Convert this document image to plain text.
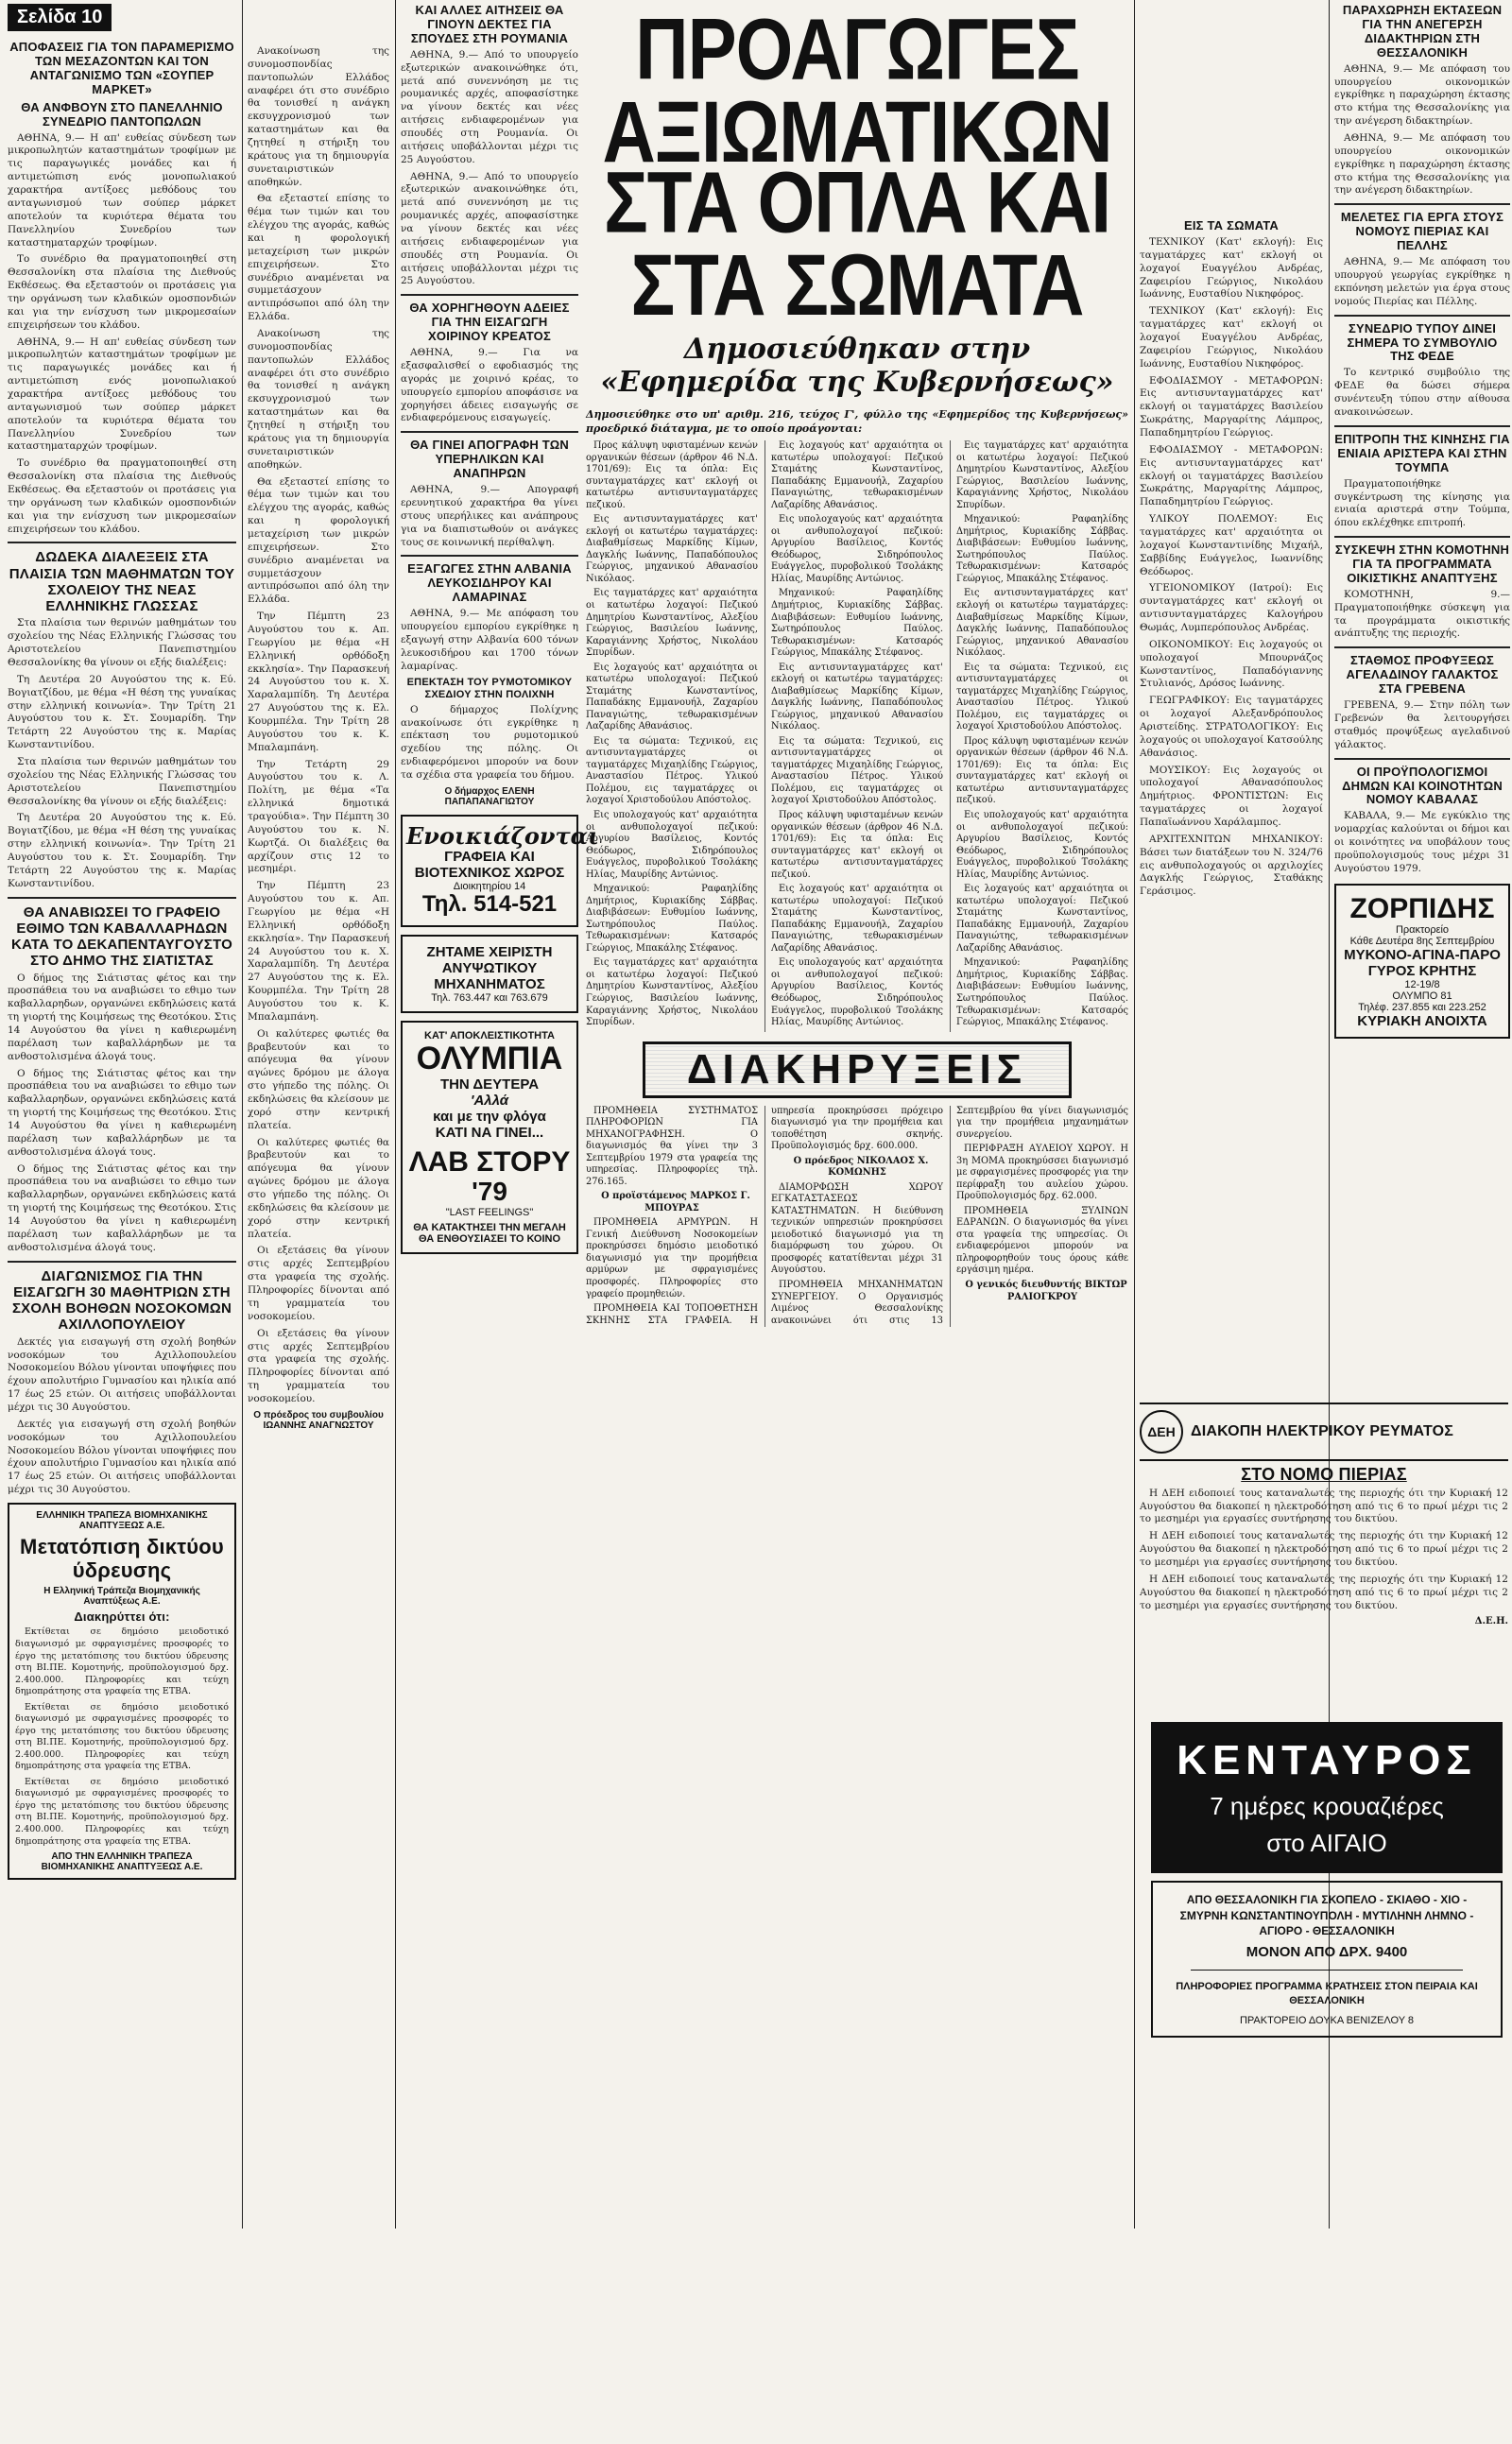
Σελίδα 10
ΑΠΟΦΑΣΕΙΣ ΓΙΑ ΤΟΝ ΠΑΡΑΜΕΡΙΣΜΟ ΤΩΝ ΜΕΣΑΖΟΝΤΩΝ ΚΑΙ ΤΟΝ ΑΝΤΑΓΩΝΙΣΜΟ ΤΩΝ «ΣΟΥΠΕΡ ΜΑΡΚΕΤ»
ΘΑ ΑΝΦΒΟΥΝ ΣΤΟ ΠΑΝΕΛΛΗΝΙΟ ΣΥΝΕΔΡΙΟ ΠΑΝΤΟΠΩΛΩΝ

ΑΘΗΝΑ, 9.— Η απ' ευθείας σύνδεση των μικροπωλητών καταστημάτων τροφίμων με τις παραγωγικές μονάδες και ή αντιμετώπιση ενός μονοπωλιακού χαρακτήρα αντίξοες μεθόδους του ανταγωνισμού των σούπερ μάρκετ αποτελούν τα κυριότερα θέματα του Πανελληνίου Συνεδρίου των καταστηματαρχών τροφίμων.

Το συνέδριο θα πραγματοποιηθεί στη Θεσσαλονίκη στα πλαίσια της Διεθνούς Εκθέσεως. Θα εξεταστούν οι προτάσεις για την οργάνωση των κλαδικών ομοσπονδιών και για την ενίσχυση των μικρομεσαίων επιχειρήσεων του κλάδου.

ΑΘΗΝΑ, 9.— Η απ' ευθείας σύνδεση των μικροπωλητών καταστημάτων τροφίμων με τις παραγωγικές μονάδες και ή αντιμετώπιση ενός μονοπωλιακού χαρακτήρα αντίξοες μεθόδους του ανταγωνισμού των σούπερ μάρκετ αποτελούν τα κυριότερα θέματα του Πανελληνίου Συνεδρίου των καταστηματαρχών τροφίμων.

Το συνέδριο θα πραγματοποιηθεί στη Θεσσαλονίκη στα πλαίσια της Διεθνούς Εκθέσεως. Θα εξεταστούν οι προτάσεις για την οργάνωση των κλαδικών ομοσπονδιών και για την ενίσχυση των μικρομεσαίων επιχειρήσεων του κλάδου.

ΔΩΔΕΚΑ ΔΙΑΛΕΞΕΙΣ ΣΤΑ ΠΛΑΙΣΙΑ ΤΩΝ ΜΑΘΗΜΑΤΩΝ ΤΟΥ ΣΧΟΛΕΙΟΥ ΤΗΣ ΝΕΑΣ ΕΛΛΗΝΙΚΗΣ ΓΛΩΣΣΑΣ

Στα πλαίσια των θερινών μαθημάτων του σχολείου της Νέας Ελληνικής Γλώσσας του Αριστοτελείου Πανεπιστημίου Θεσσαλονίκης θα γίνουν οι εξής διαλέξεις:

Τη Δευτέρα 20 Αυγούστου της κ. Εύ. Βογιατζίδου, με θέμα «Η θέση της γυναίκας στην ελληνική κοινωνία». Την Τρίτη 21 Αυγούστου του κ. Στ. Σουμαρίδη. Την Τετάρτη 22 Αυγούστου της κ. Μαρίας Κωνσταντινίδου.

Στα πλαίσια των θερινών μαθημάτων του σχολείου της Νέας Ελληνικής Γλώσσας του Αριστοτελείου Πανεπιστημίου Θεσσαλονίκης θα γίνουν οι εξής διαλέξεις:

Τη Δευτέρα 20 Αυγούστου της κ. Εύ. Βογιατζίδου, με θέμα «Η θέση της γυναίκας στην ελληνική κοινωνία». Την Τρίτη 21 Αυγούστου του κ. Στ. Σουμαρίδη. Την Τετάρτη 22 Αυγούστου της κ. Μαρίας Κωνσταντινίδου.

ΘΑ ΑΝΑΒΙΩΣΕΙ ΤΟ ΓΡΑΦΕΙΟ ΕΘΙΜΟ ΤΩΝ ΚΑΒΑΛΛΑΡΗΔΩΝ ΚΑΤΑ ΤΟ ΔΕΚΑΠΕΝΤΑΥΓΟΥΣΤΟ ΣΤΟ ΔΗΜΟ ΤΗΣ ΣΙΑΤΙΣΤΑΣ

Ο δήμος της Σιάτιστας φέτος και την προσπάθεια του να αναβιώσει το εθιμο των καβαλλαρηδων, οργανώνει εκδηλώσεις κατά τη γιορτή της Κοιμήσεως της Θεοτόκου. Στις 14 Αυγούστου θα γίνει η καθιερωμένη παρέλαση των καβαλλάρηδων με τα ανθοστολισμένα άλογά τους.

Ο δήμος της Σιάτιστας φέτος και την προσπάθεια του να αναβιώσει το εθιμο των καβαλλαρηδων, οργανώνει εκδηλώσεις κατά τη γιορτή της Κοιμήσεως της Θεοτόκου. Στις 14 Αυγούστου θα γίνει η καθιερωμένη παρέλαση των καβαλλάρηδων με τα ανθοστολισμένα άλογά τους.

Ο δήμος της Σιάτιστας φέτος και την προσπάθεια του να αναβιώσει το εθιμο των καβαλλαρηδων, οργανώνει εκδηλώσεις κατά τη γιορτή της Κοιμήσεως της Θεοτόκου. Στις 14 Αυγούστου θα γίνει η καθιερωμένη παρέλαση των καβαλλάρηδων με τα ανθοστολισμένα άλογά τους.

ΔΙΑΓΩΝΙΣΜΟΣ ΓΙΑ ΤΗΝ ΕΙΣΑΓΩΓΗ 30 ΜΑΘΗΤΡΙΩΝ ΣΤΗ ΣΧΟΛΗ ΒΟΗΘΩΝ ΝΟΣΟΚΟΜΩΝ ΑΧΙΛΛΟΠΟΥΛΕΙΟΥ

Δεκτές για εισαγωγή στη σχολή βοηθών νοσοκόμων του Αχιλλοπουλείου Νοσοκομείου Βόλου γίνονται υποψήφιες που έχουν απολυτήριο Γυμνασίου και ηλικία από 17 έως 25 ετών. Οι αιτήσεις υποβάλλονται μέχρι τις 30 Αυγούστου.

Δεκτές για εισαγωγή στη σχολή βοηθών νοσοκόμων του Αχιλλοπουλείου Νοσοκομείου Βόλου γίνονται υποψήφιες που έχουν απολυτήριο Γυμνασίου και ηλικία από 17 έως 25 ετών. Οι αιτήσεις υποβάλλονται μέχρι τις 30 Αυγούστου.

ΕΛΛΗΝΙΚΗ ΤΡΑΠΕΖΑ ΒΙΟΜΗΧΑΝΙΚΗΣ ΑΝΑΠΤΥΞΕΩΣ Α.Ε.
Μετατόπιση δικτύου ύδρευσης
Η Ελληνική Τράπεζα Βιομηχανικής Αναπτύξεως Α.Ε.
Διακηρύττει ότι:

Εκτίθεται σε δημόσιο μειοδοτικό διαγωνισμό με σφραγισμένες προσφορές το έργο της μετατόπισης του δικτύου ύδρευσης στη ΒΙ.ΠΕ. Κομοτηνής, προϋπολογισμού δρχ. 2.400.000. Πληροφορίες και τεύχη δημοπράτησης στα γραφεία της ΕΤΒΑ.

Εκτίθεται σε δημόσιο μειοδοτικό διαγωνισμό με σφραγισμένες προσφορές το έργο της μετατόπισης του δικτύου ύδρευσης στη ΒΙ.ΠΕ. Κομοτηνής, προϋπολογισμού δρχ. 2.400.000. Πληροφορίες και τεύχη δημοπράτησης στα γραφεία της ΕΤΒΑ.

Εκτίθεται σε δημόσιο μειοδοτικό διαγωνισμό με σφραγισμένες προσφορές το έργο της μετατόπισης του δικτύου ύδρευσης στη ΒΙ.ΠΕ. Κομοτηνής, προϋπολογισμού δρχ. 2.400.000. Πληροφορίες και τεύχη δημοπράτησης στα γραφεία της ΕΤΒΑ.

ΑΠΟ ΤΗΝ ΕΛΛΗΝΙΚΗ ΤΡΑΠΕΖΑ ΒΙΟΜΗΧΑΝΙΚΗΣ ΑΝΑΠΤΥΞΕΩΣ Α.Ε.

Ανακοίνωση της συνομοσπονδίας παντοπωλών Ελλάδος αναφέρει ότι στο συνέδριο θα τονισθεί η ανάγκη εκσυγχρονισμού των καταστημάτων και θα ζητηθεί η στήριξη του κράτους για τη δημιουργία συνεταιριστικών αποθηκών.

Θα εξεταστεί επίσης το θέμα των τιμών και του ελέγχου της αγοράς, καθώς και η φορολογική μεταχείριση των μικρών επιχειρήσεων. Στο συνέδριο αναμένεται να συμμετάσχουν αντιπρόσωποι από όλη την Ελλάδα.

Ανακοίνωση της συνομοσπονδίας παντοπωλών Ελλάδος αναφέρει ότι στο συνέδριο θα τονισθεί η ανάγκη εκσυγχρονισμού των καταστημάτων και θα ζητηθεί η στήριξη του κράτους για τη δημιουργία συνεταιριστικών αποθηκών.

Θα εξεταστεί επίσης το θέμα των τιμών και του ελέγχου της αγοράς, καθώς και η φορολογική μεταχείριση των μικρών επιχειρήσεων. Στο συνέδριο αναμένεται να συμμετάσχουν αντιπρόσωποι από όλη την Ελλάδα.

Την Πέμπτη 23 Αυγούστου του κ. Απ. Γεωργίου με θέμα «Η Ελληνική ορθόδοξη εκκλησία». Την Παρασκευή 24 Αυγούστου του κ. Χ. Χαραλαμπίδη. Τη Δευτέρα 27 Αυγούστου της κ. Ελ. Κουρμπέλα. Την Τρίτη 28 Αυγούστου του κ. Κ. Μπαλαμπάνη.

Την Τετάρτη 29 Αυγούστου του κ. Λ. Πολίτη, με θέμα «Τα ελληνικά δημοτικά τραγούδια». Την Πέμπτη 30 Αυγούστου του κ. Ν. Κωρτζά. Οι διαλέξεις θα αρχίζουν στις 12 το μεσημέρι.

Την Πέμπτη 23 Αυγούστου του κ. Απ. Γεωργίου με θέμα «Η Ελληνική ορθόδοξη εκκλησία». Την Παρασκευή 24 Αυγούστου του κ. Χ. Χαραλαμπίδη. Τη Δευτέρα 27 Αυγούστου της κ. Ελ. Κουρμπέλα. Την Τρίτη 28 Αυγούστου του κ. Κ. Μπαλαμπάνη.

Οι καλύτερες φωτιές θα βραβευτούν και το απόγευμα θα γίνουν αγώνες δρόμου με άλογα στο γήπεδο της πόλης. Οι εκδηλώσεις θα κλείσουν με χορό στην κεντρική πλατεία.

Οι καλύτερες φωτιές θα βραβευτούν και το απόγευμα θα γίνουν αγώνες δρόμου με άλογα στο γήπεδο της πόλης. Οι εκδηλώσεις θα κλείσουν με χορό στην κεντρική πλατεία.

Οι εξετάσεις θα γίνουν στις αρχές Σεπτεμβρίου στα γραφεία της σχολής. Πληροφορίες δίνονται από τη γραμματεία του νοσοκομείου.

Οι εξετάσεις θα γίνουν στις αρχές Σεπτεμβρίου στα γραφεία της σχολής. Πληροφορίες δίνονται από τη γραμματεία του νοσοκομείου.

Ο πρόεδρος του συμβουλίου ΙΩΑΝΝΗΣ ΑΝΑΓΝΩΣΤΟΥ
ΚΑΙ ΑΛΛΕΣ ΑΙΤΗΣΕΙΣ ΘΑ ΓΙΝΟΥΝ ΔΕΚΤΕΣ ΓΙΑ ΣΠΟΥΔΕΣ ΣΤΗ ΡΟΥΜΑΝΙΑ

ΑΘΗΝΑ, 9.— Από το υπουργείο εξωτερικών ανακοινώθηκε ότι, μετά από συνεννόηση με τις ρουμανικές αρχές, αποφασίστηκε να γίνουν δεκτές και νέες αιτήσεις ενδιαφερομένων για σπουδές στη Ρουμανία. Οι αιτήσεις υποβάλλονται μέχρι τις 25 Αυγούστου.

ΑΘΗΝΑ, 9.— Από το υπουργείο εξωτερικών ανακοινώθηκε ότι, μετά από συνεννόηση με τις ρουμανικές αρχές, αποφασίστηκε να γίνουν δεκτές και νέες αιτήσεις ενδιαφερομένων για σπουδές στη Ρουμανία. Οι αιτήσεις υποβάλλονται μέχρι τις 25 Αυγούστου.

ΘΑ ΧΟΡΗΓΗΘΟΥΝ ΑΔΕΙΕΣ ΓΙΑ ΤΗΝ ΕΙΣΑΓΩΓΗ ΧΟΙΡΙΝΟΥ ΚΡΕΑΤΟΣ

ΑΘΗΝΑ, 9.— Για να εξασφαλισθεί ο εφοδιασμός της αγοράς με χοιρινό κρέας, το υπουργείο εμπορίου αποφάσισε να χορηγήσει άδειες εισαγωγής σε ενδιαφερόμενους εισαγωγείς.

ΘΑ ΓΙΝΕΙ ΑΠΟΓΡΑΦΗ ΤΩΝ ΥΠΕΡΗΛΙΚΩΝ ΚΑΙ ΑΝΑΠΗΡΩΝ

ΑΘΗΝΑ, 9.— Απογραφή ερευνητικού χαρακτήρα θα γίνει στους υπερήλικες και ανάπηρους για να διαπιστωθούν οι ανάγκες τους σε κοινωνική περίθαλψη.

ΕΞΑΓΩΓΕΣ ΣΤΗΝ ΑΛΒΑΝΙΑ ΛΕΥΚΟΣΙΔΗΡΟΥ ΚΑΙ ΛΑΜΑΡΙΝΑΣ

ΑΘΗΝΑ, 9.— Με απόφαση του υπουργείου εμπορίου εγκρίθηκε η εξαγωγή στην Αλβανία 600 τόνων λευκοσιδήρου και 1700 τόνων λαμαρίνας.

ΕΠΕΚΤΑΣΗ ΤΟΥ ΡΥΜΟΤΟΜΙΚΟΥ ΣΧΕΔΙΟΥ ΣΤΗΝ ΠΟΛΙΧΝΗ

Ο δήμαρχος Πολίχνης ανακοίνωσε ότι εγκρίθηκε η επέκταση του ρυμοτομικού σχεδίου της πόλης. Οι ενδιαφερόμενοι μπορούν να δουν τα σχέδια στα γραφεία του δήμου.

Ο δήμαρχος ΕΛΕΝΗ ΠΑΠΑΠΑΝΑΓΙΩΤΟΥ
Ενοικιάζονται
ΓΡΑΦΕΙΑ ΚΑΙ ΒΙΟΤΕΧΝΙΚΟΣ ΧΩΡΟΣ
Διοικητηρίου 14
Τηλ. 514-521
ΖΗΤΑΜΕ ΧΕΙΡΙΣΤΗ ΑΝΥΨΩΤΙΚΟΥ ΜΗΧΑΝΗΜΑΤΟΣ
Τηλ. 763.447 και 763.679
ΚΑΤ' ΑΠΟΚΛΕΙΣΤΙΚΟΤΗΤΑ
ΟΛΥΜΠΙΑ
ΤΗΝ ΔΕΥΤΕΡΑ
'Αλλά
και με την φλόγα
ΚΑΤΙ ΝΑ ΓΙΝΕΙ...
ΛΑΒ ΣΤΟΡΥ
'79
"LAST FEELINGS"
ΘΑ ΚΑΤΑΚΤΗΣΕΙ ΤΗΝ ΜΕΓΑΛΗ ΘΑ ΕΝΘΟΥΣΙΑΣΕΙ ΤΟ ΚΟΙΝΟ
ΠΡΟΑΓΩΓΕΣ ΑΞΙΩΜΑΤΙΚΩΝ
ΣΤΑ ΟΠΛΑ ΚΑΙ ΣΤΑ ΣΩΜΑΤΑ
Δημοσιεύθηκαν στην «Εφημερίδα της Κυβερνήσεως»

Δημοσιεύθηκε στο υπ' αριθμ. 216, τεύχος Γ', φύλλο της «Εφημερίδος της Κυβερνήσεως» προεδρικό διάταγμα, με το οποίο προάγονται:

Προς κάλυψη υφισταμένων κενών οργανικών θέσεων (άρθρον 46 Ν.Δ. 1701/69): Εις τα όπλα: Εις συνταγματάρχες κατ' εκλογή οι κατωτέρω αντισυνταγματάρχες πεζικού.

Εις αντισυνταγματάρχες κατ' εκλογή οι κατωτέρω ταγματάρχες: Διαβαθμίσεως Μαρκίδης Κίμων, Δαγκλής Ιωάννης, Παπαδόπουλος Γεώργιος, μηχανικού Αθανασίου Νικόλαος.

Εις ταγματάρχες κατ' αρχαιότητα οι κατωτέρω λοχαγοί: Πεζικού Δημητρίου Κωνσταντίνος, Αλεξίου Γεώργιος, Βασιλείου Ιωάννης, Καραγιάννης Χρήστος, Νικολάου Σπυρίδων.

Εις λοχαγούς κατ' αρχαιότητα οι κατωτέρω υπολοχαγοί: Πεζικού Σταμάτης Κωνσταντίνος, Παπαδάκης Εμμανουήλ, Ζαχαρίου Παναγιώτης, τεθωρακισμένων Λαζαρίδης Αθανάσιος.

Εις τα σώματα: Τεχνικού, εις αντισυνταγματάρχες οι ταγματάρχες Μιχαηλίδης Γεώργιος, Αναστασίου Πέτρος. Υλικού Πολέμου, εις ταγματάρχες οι λοχαγοί Χριστοδούλου Απόστολος.

Εις υπολοχαγούς κατ' αρχαιότητα οι ανθυπολοχαγοί πεζικού: Αργυρίου Βασίλειος, Κοντός Θεόδωρος, Σιδηρόπουλος Ευάγγελος, πυροβολικού Τσολάκης Ηλίας, Μαυρίδης Αντώνιος.

Μηχανικού: Ραφαηλίδης Δημήτριος, Κυριακίδης Σάββας. Διαβιβάσεων: Ευθυμίου Ιωάννης, Σωτηρόπουλος Παύλος. Τεθωρακισμένων: Κατσαρός Γεώργιος, Μπακάλης Στέφανος.

Εις ταγματάρχες κατ' αρχαιότητα οι κατωτέρω λοχαγοί: Πεζικού Δημητρίου Κωνσταντίνος, Αλεξίου Γεώργιος, Βασιλείου Ιωάννης, Καραγιάννης Χρήστος, Νικολάου Σπυρίδων.

Εις λοχαγούς κατ' αρχαιότητα οι κατωτέρω υπολοχαγοί: Πεζικού Σταμάτης Κωνσταντίνος, Παπαδάκης Εμμανουήλ, Ζαχαρίου Παναγιώτης, τεθωρακισμένων Λαζαρίδης Αθανάσιος.

Εις υπολοχαγούς κατ' αρχαιότητα οι ανθυπολοχαγοί πεζικού: Αργυρίου Βασίλειος, Κοντός Θεόδωρος, Σιδηρόπουλος Ευάγγελος, πυροβολικού Τσολάκης Ηλίας, Μαυρίδης Αντώνιος.

Μηχανικού: Ραφαηλίδης Δημήτριος, Κυριακίδης Σάββας. Διαβιβάσεων: Ευθυμίου Ιωάννης, Σωτηρόπουλος Παύλος. Τεθωρακισμένων: Κατσαρός Γεώργιος, Μπακάλης Στέφανος.

Εις αντισυνταγματάρχες κατ' εκλογή οι κατωτέρω ταγματάρχες: Διαβαθμίσεως Μαρκίδης Κίμων, Δαγκλής Ιωάννης, Παπαδόπουλος Γεώργιος, μηχανικού Αθανασίου Νικόλαος.

Εις τα σώματα: Τεχνικού, εις αντισυνταγματάρχες οι ταγματάρχες Μιχαηλίδης Γεώργιος, Αναστασίου Πέτρος. Υλικού Πολέμου, εις ταγματάρχες οι λοχαγοί Χριστοδούλου Απόστολος.

Προς κάλυψη υφισταμένων κενών οργανικών θέσεων (άρθρον 46 Ν.Δ. 1701/69): Εις τα όπλα: Εις συνταγματάρχες κατ' εκλογή οι κατωτέρω αντισυνταγματάρχες πεζικού.

Εις λοχαγούς κατ' αρχαιότητα οι κατωτέρω υπολοχαγοί: Πεζικού Σταμάτης Κωνσταντίνος, Παπαδάκης Εμμανουήλ, Ζαχαρίου Παναγιώτης, τεθωρακισμένων Λαζαρίδης Αθανάσιος.

Εις υπολοχαγούς κατ' αρχαιότητα οι ανθυπολοχαγοί πεζικού: Αργυρίου Βασίλειος, Κοντός Θεόδωρος, Σιδηρόπουλος Ευάγγελος, πυροβολικού Τσολάκης Ηλίας, Μαυρίδης Αντώνιος.

Εις ταγματάρχες κατ' αρχαιότητα οι κατωτέρω λοχαγοί: Πεζικού Δημητρίου Κωνσταντίνος, Αλεξίου Γεώργιος, Βασιλείου Ιωάννης, Καραγιάννης Χρήστος, Νικολάου Σπυρίδων.

Μηχανικού: Ραφαηλίδης Δημήτριος, Κυριακίδης Σάββας. Διαβιβάσεων: Ευθυμίου Ιωάννης, Σωτηρόπουλος Παύλος. Τεθωρακισμένων: Κατσαρός Γεώργιος, Μπακάλης Στέφανος.

Εις αντισυνταγματάρχες κατ' εκλογή οι κατωτέρω ταγματάρχες: Διαβαθμίσεως Μαρκίδης Κίμων, Δαγκλής Ιωάννης, Παπαδόπουλος Γεώργιος, μηχανικού Αθανασίου Νικόλαος.

Εις τα σώματα: Τεχνικού, εις αντισυνταγματάρχες οι ταγματάρχες Μιχαηλίδης Γεώργιος, Αναστασίου Πέτρος. Υλικού Πολέμου, εις ταγματάρχες οι λοχαγοί Χριστοδούλου Απόστολος.

Προς κάλυψη υφισταμένων κενών οργανικών θέσεων (άρθρον 46 Ν.Δ. 1701/69): Εις τα όπλα: Εις συνταγματάρχες κατ' εκλογή οι κατωτέρω αντισυνταγματάρχες πεζικού.

Εις υπολοχαγούς κατ' αρχαιότητα οι ανθυπολοχαγοί πεζικού: Αργυρίου Βασίλειος, Κοντός Θεόδωρος, Σιδηρόπουλος Ευάγγελος, πυροβολικού Τσολάκης Ηλίας, Μαυρίδης Αντώνιος.

Εις λοχαγούς κατ' αρχαιότητα οι κατωτέρω υπολοχαγοί: Πεζικού Σταμάτης Κωνσταντίνος, Παπαδάκης Εμμανουήλ, Ζαχαρίου Παναγιώτης, τεθωρακισμένων Λαζαρίδης Αθανάσιος.

Μηχανικού: Ραφαηλίδης Δημήτριος, Κυριακίδης Σάββας. Διαβιβάσεων: Ευθυμίου Ιωάννης, Σωτηρόπουλος Παύλος. Τεθωρακισμένων: Κατσαρός Γεώργιος, Μπακάλης Στέφανος.

ΔΙΑΚΗΡΥΞΕΙΣ

ΠΡΟΜΗΘΕΙΑ ΣΥΣΤΗΜΑΤΟΣ ΠΛΗΡΟΦΟΡΙΩΝ ΓΙΑ ΜΗΧΑΝΟΓΡΑΦΗΣΗ. Ο διαγωνισμός θα γίνει την 3 Σεπτεμβρίου 1979 στα γραφεία της υπηρεσίας. Πληροφορίες τηλ. 276.165.

Ο προϊστάμενος ΜΑΡΚΟΣ Γ. ΜΠΟΥΡΑΣ

ΠΡΟΜΗΘΕΙΑ ΑΡΜΥΡΩΝ. Η Γενική Διεύθυνση Νοσοκομείων προκηρύσσει δημόσιο μειοδοτικό διαγωνισμό για την προμήθεια αρμύρων με σφραγισμένες προσφορές. Πληροφορίες στο γραφείο προμηθειών.

ΠΡΟΜΗΘΕΙΑ ΚΑΙ ΤΟΠΟΘΕΤΗΣΗ ΣΚΗΝΗΣ ΣΤΑ ΓΡΑΦΕΙΑ. Η υπηρεσία προκηρύσσει πρόχειρο διαγωνισμό για την προμήθεια και τοποθέτηση σκηνής. Προϋπολογισμός δρχ. 600.000.

Ο πρόεδρος ΝΙΚΟΛΑΟΣ Χ. ΚΟΜΩΝΗΣ

ΔΙΑΜΟΡΦΩΣΗ ΧΩΡΟΥ ΕΓΚΑΤΑΣΤΑΣΕΩΣ ΚΑΤΑΣΤΗΜΑΤΩΝ. Η διεύθυνση τεχνικών υπηρεσιών προκηρύσσει μειοδοτικό διαγωνισμό για τη διαμόρφωση του χώρου. Οι προσφορές κατατίθενται μέχρι 31 Αυγούστου.

ΠΡΟΜΗΘΕΙΑ ΜΗΧΑΝΗΜΑΤΩΝ ΣΥΝΕΡΓΕΙΟΥ. Ο Οργανισμός Λιμένος Θεσσαλονίκης ανακοινώνει ότι στις 13 Σεπτεμβρίου θα γίνει διαγωνισμός για την προμήθεια μηχανημάτων συνεργείου.

ΠΕΡΙΦΡΑΞΗ ΑΥΛΕΙΟΥ ΧΩΡΟΥ. Η 3η ΜΟΜΑ προκηρύσσει διαγωνισμό με σφραγισμένες προσφορές για την περίφραξη του αυλείου χώρου. Προϋπολογισμός δρχ. 62.000.

ΠΡΟΜΗΘΕΙΑ ΞΥΛΙΝΩΝ ΕΔΡΑΝΩΝ. Ο διαγωνισμός θα γίνει στα γραφεία της υπηρεσίας. Οι ενδιαφερόμενοι μπορούν να πληροφορηθούν τους όρους κάθε εργάσιμη ημέρα.

Ο γενικός διευθυντής ΒΙΚΤΩΡ ΡΑΛΙΟΓΚΡΟΥ

ΕΙΣ ΤΑ ΣΩΜΑΤΑ

ΤΕΧΝΙΚΟΥ (Κατ' εκλογή): Εις ταγματάρχες κατ' εκλογή οι λοχαγοί Ευαγγέλου Ανδρέας, Ζαφειρίου Γεώργιος, Νικολάου Ιωάννης, Ευσταθίου Νικηφόρος.

ΤΕΧΝΙΚΟΥ (Κατ' εκλογή): Εις ταγματάρχες κατ' εκλογή οι λοχαγοί Ευαγγέλου Ανδρέας, Ζαφειρίου Γεώργιος, Νικολάου Ιωάννης, Ευσταθίου Νικηφόρος.

ΕΦΟΔΙΑΣΜΟΥ - ΜΕΤΑΦΟΡΩΝ: Εις αντισυνταγματάρχες κατ' εκλογή οι ταγματάρχες Βασιλείου Σωκράτης, Μαργαρίτης Λάμπρος, Παπαδημητρίου Γεώργιος.

ΕΦΟΔΙΑΣΜΟΥ - ΜΕΤΑΦΟΡΩΝ: Εις αντισυνταγματάρχες κατ' εκλογή οι ταγματάρχες Βασιλείου Σωκράτης, Μαργαρίτης Λάμπρος, Παπαδημητρίου Γεώργιος.

ΥΛΙΚΟΥ ΠΟΛΕΜΟΥ: Εις ταγματάρχες κατ' αρχαιότητα οι λοχαγοί Κωνσταντινίδης Μιχαήλ, Σαββίδης Ευάγγελος, Ιωαννίδης Θεόδωρος.

ΥΓΕΙΟΝΟΜΙΚΟΥ (Ιατροί): Εις συνταγματάρχες κατ' εκλογή οι αντισυνταγματάρχες Καλογήρου Θωμάς, Λυμπερόπουλος Ανδρέας.

ΟΙΚΟΝΟΜΙΚΟΥ: Εις λοχαγούς οι υπολοχαγοί Μπουρνάζος Κωνσταντίνος, Παπαδόγιαννης Στυλιανός, Δρόσος Ιωάννης.

ΓΕΩΓΡΑΦΙΚΟΥ: Εις ταγματάρχες οι λοχαγοί Αλεξανδρόπουλος Αριστείδης. ΣΤΡΑΤΟΛΟΓΙΚΟΥ: Εις λοχαγούς οι υπολοχαγοί Κατσούλης Αθανάσιος.

ΜΟΥΣΙΚΟΥ: Εις λοχαγούς οι υπολοχαγοί Αθανασόπουλος Δημήτριος. ΦΡΟΝΤΙΣΤΩΝ: Εις ταγματάρχες οι λοχαγοί Παπαϊωάννου Χαράλαμπος.

ΑΡΧΙΤΕΧΝΙΤΩΝ ΜΗΧΑΝΙΚΟΥ: Βάσει των διατάξεων του Ν. 324/76 εις ανθυπολοχαγούς οι αρχιλοχίες Δαγκλής Γεώργιος, Σταθάκης Γεράσιμος.

ΔΕΗ	ΔΙΑΚΟΠΗ ΗΛΕΚΤΡΙΚΟΥ ΡΕΥΜΑΤΟΣ
ΣΤΟ ΝΟΜΟ ΠΙΕΡΙΑΣ

Η ΔΕΗ ειδοποιεί τους καταναλωτές της περιοχής ότι την Κυριακή 12 Αυγούστου θα διακοπεί η ηλεκτροδότηση από τις 6 το πρωί μέχρι τις 2 το μεσημέρι για εργασίες συντήρησης του δικτύου.

Η ΔΕΗ ειδοποιεί τους καταναλωτές της περιοχής ότι την Κυριακή 12 Αυγούστου θα διακοπεί η ηλεκτροδότηση από τις 6 το πρωί μέχρι τις 2 το μεσημέρι για εργασίες συντήρησης του δικτύου.

Η ΔΕΗ ειδοποιεί τους καταναλωτές της περιοχής ότι την Κυριακή 12 Αυγούστου θα διακοπεί η ηλεκτροδότηση από τις 6 το πρωί μέχρι τις 2 το μεσημέρι για εργασίες συντήρησης του δικτύου.

Δ.Ε.Η.
ΚΕΝΤΑΥΡΟΣ
7 ημέρες κρουαζιέρες
στο ΑΙΓΑΙΟ
ΑΠΟ ΘΕΣΣΑΛΟΝΙΚΗ ΓΙΑ ΣΚΟΠΕΛΟ - ΣΚΙΑΘΟ - ΧΙΟ - ΣΜΥΡΝΗ ΚΩΝΣΤΑΝΤΙΝΟΥΠΟΛΗ - ΜΥΤΙΛΗΝΗ ΛΗΜΝΟ - ΑΓΙΟΡΟ - ΘΕΣΣΑΛΟΝΙΚΗ
ΜΟΝΟΝ ΑΠΟ ΔΡΧ. 9400
ΠΛΗΡΟΦΟΡΙΕΣ ΠΡΟΓΡΑΜΜΑ ΚΡΑΤΗΣΕΙΣ ΣΤΟΝ ΠΕΙΡΑΙΑ ΚΑΙ ΘΕΣΣΑΛΟΝΙΚΗ
ΠΡΑΚΤΟΡΕΙΟ ΔΟΥΚΑ ΒΕΝΙΖΕΛΟΥ 8
ΠΑΡΑΧΩΡΗΣΗ ΕΚΤΑΣΕΩΝ ΓΙΑ ΤΗΝ ΑΝΕΓΕΡΣΗ ΔΙΔΑΚΤΗΡΙΩΝ ΣΤΗ ΘΕΣΣΑΛΟΝΙΚΗ

ΑΘΗΝΑ, 9.— Με απόφαση του υπουργείου οικονομικών εγκρίθηκε η παραχώρηση έκτασης στο κτήμα της Θεσσαλονίκης για την ανέγερση διδακτηρίων.

ΑΘΗΝΑ, 9.— Με απόφαση του υπουργείου οικονομικών εγκρίθηκε η παραχώρηση έκτασης στο κτήμα της Θεσσαλονίκης για την ανέγερση διδακτηρίων.

ΜΕΛΕΤΕΣ ΓΙΑ ΕΡΓΑ ΣΤΟΥΣ ΝΟΜΟΥΣ ΠΙΕΡΙΑΣ ΚΑΙ ΠΕΛΛΗΣ

ΑΘΗΝΑ, 9.— Με απόφαση του υπουργού γεωργίας εγκρίθηκε η εκπόνηση μελετών για έργα στους νομούς Πιερίας και Πέλλης.

ΣΥΝΕΔΡΙΟ ΤΥΠΟΥ ΔΙΝΕΙ ΣΗΜΕΡΑ ΤΟ ΣΥΜΒΟΥΛΙΟ ΤΗΣ ΦΕΔΕ

Το κεντρικό συμβούλιο της ΦΕΔΕ θα δώσει σήμερα συνέντευξη τύπου στην αίθουσα ανακοινώσεων.

ΕΠΙΤΡΟΠΗ ΤΗΣ ΚΙΝΗΣΗΣ ΓΙΑ ΕΝΙΑΙΑ ΑΡΙΣΤΕΡΑ ΚΑΙ ΣΤΗΝ ΤΟΥΜΠΑ

Πραγματοποιήθηκε συγκέντρωση της κίνησης για ενιαία αριστερά στην Τούμπα, όπου εκλέχθηκε επιτροπή.

ΣΥΣΚΕΨΗ ΣΤΗΝ ΚΟΜΟΤΗΝΗ ΓΙΑ ΤΑ ΠΡΟΓΡΑΜΜΑΤΑ ΟΙΚΙΣΤΙΚΗΣ ΑΝΑΠΤΥΞΗΣ

ΚΟΜΟΤΗΝΗ, 9.— Πραγματοποιήθηκε σύσκεψη για τα προγράμματα οικιστικής ανάπτυξης της περιοχής.

ΣΤΑΘΜΟΣ ΠΡΟΦΥΞΕΩΣ ΑΓΕΛΑΔΙΝΟΥ ΓΑΛΑΚΤΟΣ ΣΤΑ ΓΡΕΒΕΝΑ

ΓΡΕΒΕΝΑ, 9.— Στην πόλη των Γρεβενών θα λειτουργήσει σταθμός προψύξεως αγελαδινού γάλακτος.

ΟΙ ΠΡΟΫΠΟΛΟΓΙΣΜΟΙ ΔΗΜΩΝ ΚΑΙ ΚΟΙΝΟΤΗΤΩΝ ΝΟΜΟΥ ΚΑΒΑΛΑΣ

ΚΑΒΑΛΑ, 9.— Με εγκύκλιο της νομαρχίας καλούνται οι δήμοι και οι κοινότητες να υποβάλουν τους προϋπολογισμούς τους μέχρι 31 Αυγούστου 1979.

ΖΟΡΠΙΔΗΣ
Πρακτορείο
Κάθε Δευτέρα 8ης Σεπτεμβρίου
ΜΥΚΟΝΟ-ΑΓΙΝΑ-ΠΑΡΟ
ΓΥΡΟΣ ΚΡΗΤΗΣ
12-19/8
ΟΛΥΜΠΟ 81
Τηλέφ. 237.855 και 223.252
ΚΥΡΙΑΚΗ ΑΝΟΙΧΤΑ
